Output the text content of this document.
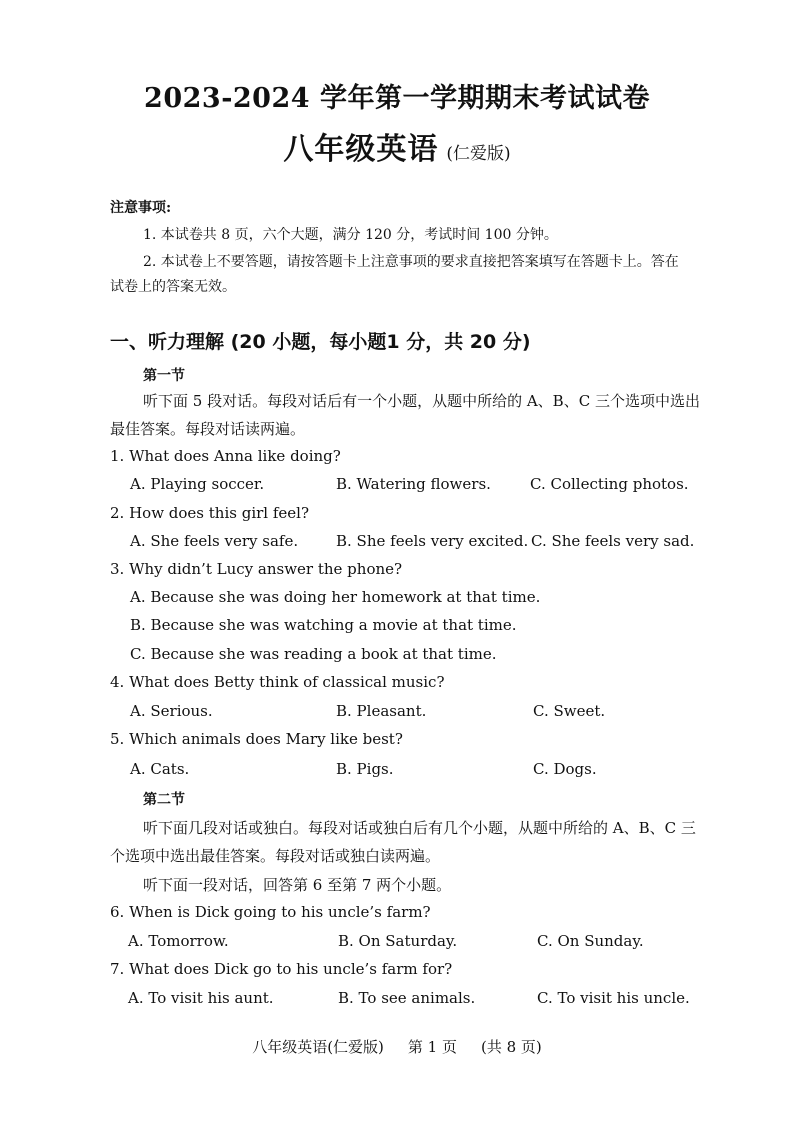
2023-2024 学年第一学期期末考试试卷
八年级英语 (仁爱版)
注意事项:
1. 本试卷共 8 页，六个大题，满分 120 分，考试时间 100 分钟。
2. 本试卷上不要答题，请按答题卡上注意事项的要求直接把答案填写在答题卡上。答在
试卷上的答案无效。
一、听力理解 (20 小题，每小题1 分，共 20 分)
第一节
听下面 5 段对话。每段对话后有一个小题，从题中所给的 A、B、C 三个选项中选出
最佳答案。每段对话读两遍。
1. What does Anna like doing?
A. Playing soccer.	B. Watering flowers.	C. Collecting photos.
2. How does this girl feel?
A. She feels very safe.	B. She feels very excited. C. She feels very sad.
3. Why didn’t Lucy answer the phone?
A. Because she was doing her homework at that time.
B. Because she was watching a movie at that time.
C. Because she was reading a book at that time.
4. What does Betty think of classical music?
A. Serious.	B. Pleasant.	C. Sweet.
5. Which animals does Mary like best?
A. Cats.	B. Pigs.	C. Dogs.
第二节
听下面几段对话或独白。每段对话或独白后有几个小题，从题中所给的 A、B、C 三
个选项中选出最佳答案。每段对话或独白读两遍。
听下面一段对话，回答第 6 至第 7 两个小题。
6. When is Dick going to his uncle’s farm?
A. Tomorrow.	B. On Saturday.	C. On Sunday.
7. What does Dick go to his uncle’s farm for?
A. To visit his aunt.	B. To see animals.	C. To visit his uncle.
八年级英语(仁爱版) 第 1 页 (共 8 页)
